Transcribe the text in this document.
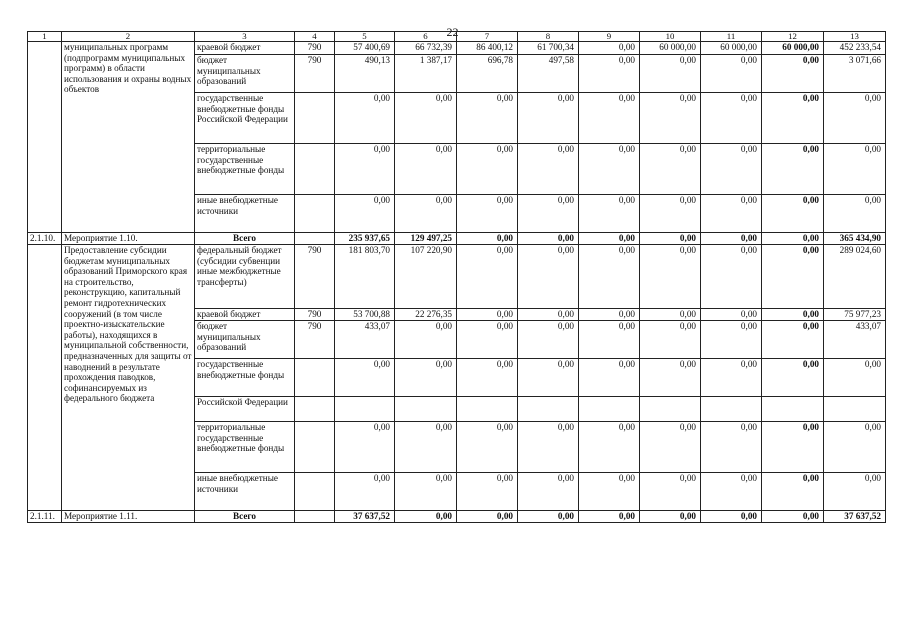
22
1	2	3	4	5	6	7	8	9	10	11	12	13
	муниципальных программ (подпрограмм муниципальных программ) в области использования и охраны водных объектов	краевой бюджет	790	57 400,69	66 732,39	86 400,12	61 700,34	0,00	60 000,00	60 000,00	60 000,00	452 233,54
		бюджет муниципальных образований	790	490,13	1 387,17	696,78	497,58	0,00	0,00	0,00	0,00	3 071,66
		государственные внебюджетные фонды Российской Федерации		0,00	0,00	0,00	0,00	0,00	0,00	0,00	0,00	0,00
		территориальные государственные внебюджетные фонды		0,00	0,00	0,00	0,00	0,00	0,00	0,00	0,00	0,00
		иные внебюджетные источники		0,00	0,00	0,00	0,00	0,00	0,00	0,00	0,00	0,00
2.1.10.	Мероприятие 1.10.	Всего		235 937,65	129 497,25	0,00	0,00	0,00	0,00	0,00	0,00	365 434,90
	Предоставление субсидии бюджетам муниципальных образований Приморского края на строительство, реконструкцию, капитальный ремонт гидротехнических сооружений (в том числе проектно-изыскательские работы), находящихся в муниципальной собственности, предназначенных для защиты от наводнений в результате прохождения паводков, софинансируемых из федерального бюджета	федеральный бюджет (субсидии субвенции иные межбюджетные трансферты)	790	181 803,70	107 220,90	0,00	0,00	0,00	0,00	0,00	0,00	289 024,60
		краевой бюджет	790	53 700,88	22 276,35	0,00	0,00	0,00	0,00	0,00	0,00	75 977,23
		бюджет муниципальных образований	790	433,07	0,00	0,00	0,00	0,00	0,00	0,00	0,00	433,07
		государственные внебюджетные фонды		0,00	0,00	0,00	0,00	0,00	0,00	0,00	0,00	0,00
		Российской Федерации										
		территориальные государственные внебюджетные фонды		0,00	0,00	0,00	0,00	0,00	0,00	0,00	0,00	0,00
		иные внебюджетные источники		0,00	0,00	0,00	0,00	0,00	0,00	0,00	0,00	0,00
2.1.11.	Мероприятие 1.11.	Всего		37 637,52	0,00	0,00	0,00	0,00	0,00	0,00	0,00	37 637,52
